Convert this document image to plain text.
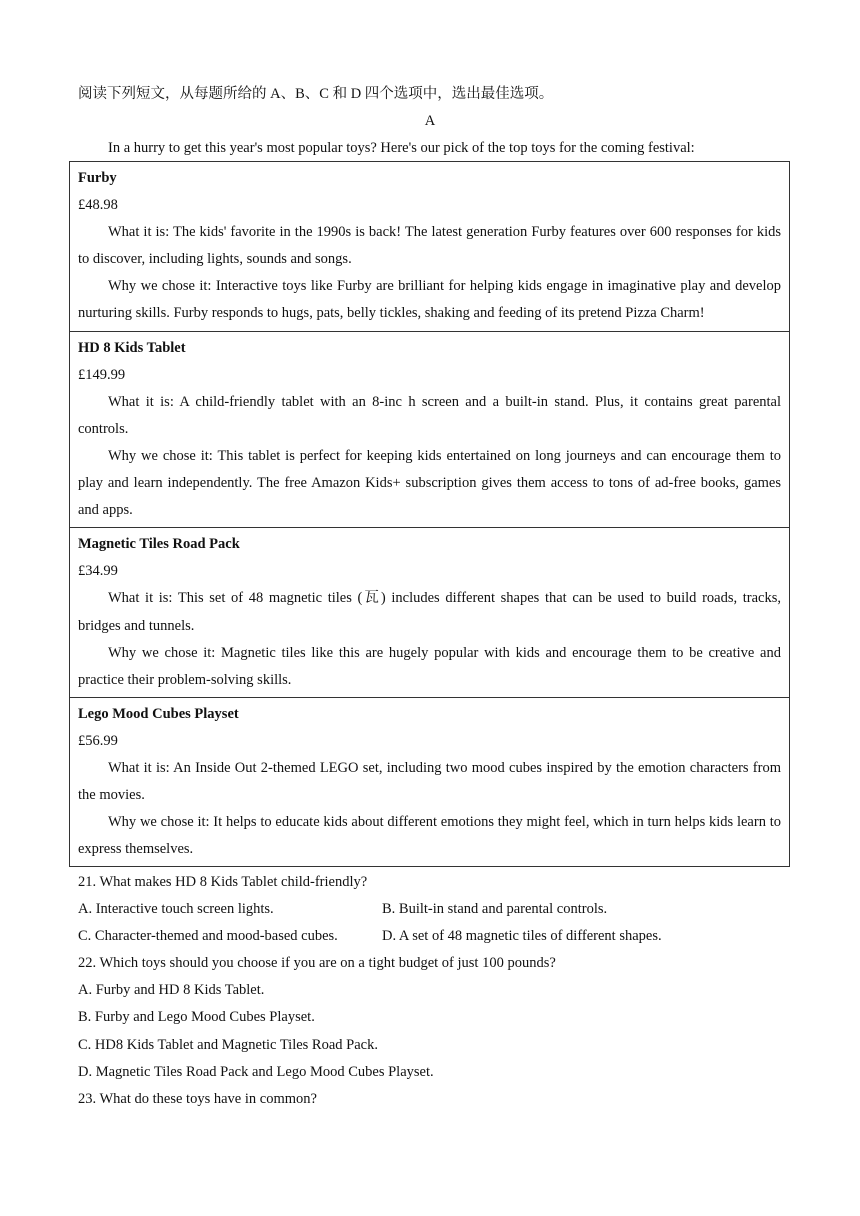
阅读下列短文，从每题所给的 A、B、C 和 D 四个选项中，选出最佳选项。
A
In a hurry to get this year's most popular toys? Here's our pick of the top toys for the coming festival:
Furby
£48.98
What it is: The kids' favorite in the 1990s is back! The latest generation Furby features over 600 responses for kids to discover, including lights, sounds and songs.
Why we chose it: Interactive toys like Furby are brilliant for helping kids engage in imaginative play and develop nurturing skills. Furby responds to hugs, pats, belly tickles, shaking and feeding of its pretend Pizza Charm!
HD 8 Kids Tablet
£149.99
What it is: A child-friendly tablet with an 8-inc h screen and a built-in stand. Plus, it contains great parental controls.
Why we chose it: This tablet is perfect for keeping kids entertained on long journeys and can encourage them to play and learn independently. The free Amazon Kids+ subscription gives them access to tons of ad-free books, games and apps.
Magnetic Tiles Road Pack
£34.99
What it is: This set of 48 magnetic tiles (瓦) includes different shapes that can be used to build roads, tracks, bridges and tunnels.
Why we chose it: Magnetic tiles like this are hugely popular with kids and encourage them to be creative and practice their problem-solving skills.
Lego Mood Cubes Playset
£56.99
What it is: An Inside Out 2-themed LEGO set, including two mood cubes inspired by the emotion characters from the movies.
Why we chose it: It helps to educate kids about different emotions they might feel, which in turn helps kids learn to express themselves.
21. What makes HD 8 Kids Tablet child-friendly?
A. Interactive touch screen lights.	B. Built-in stand and parental controls.
C. Character-themed and mood-based cubes.	D. A set of 48 magnetic tiles of different shapes.
22. Which toys should you choose if you are on a tight budget of just 100 pounds?
A. Furby and HD 8 Kids Tablet.
B. Furby and Lego Mood Cubes Playset.
C. HD8 Kids Tablet and Magnetic Tiles Road Pack.
D. Magnetic Tiles Road Pack and Lego Mood Cubes Playset.
23. What do these toys have in common?
